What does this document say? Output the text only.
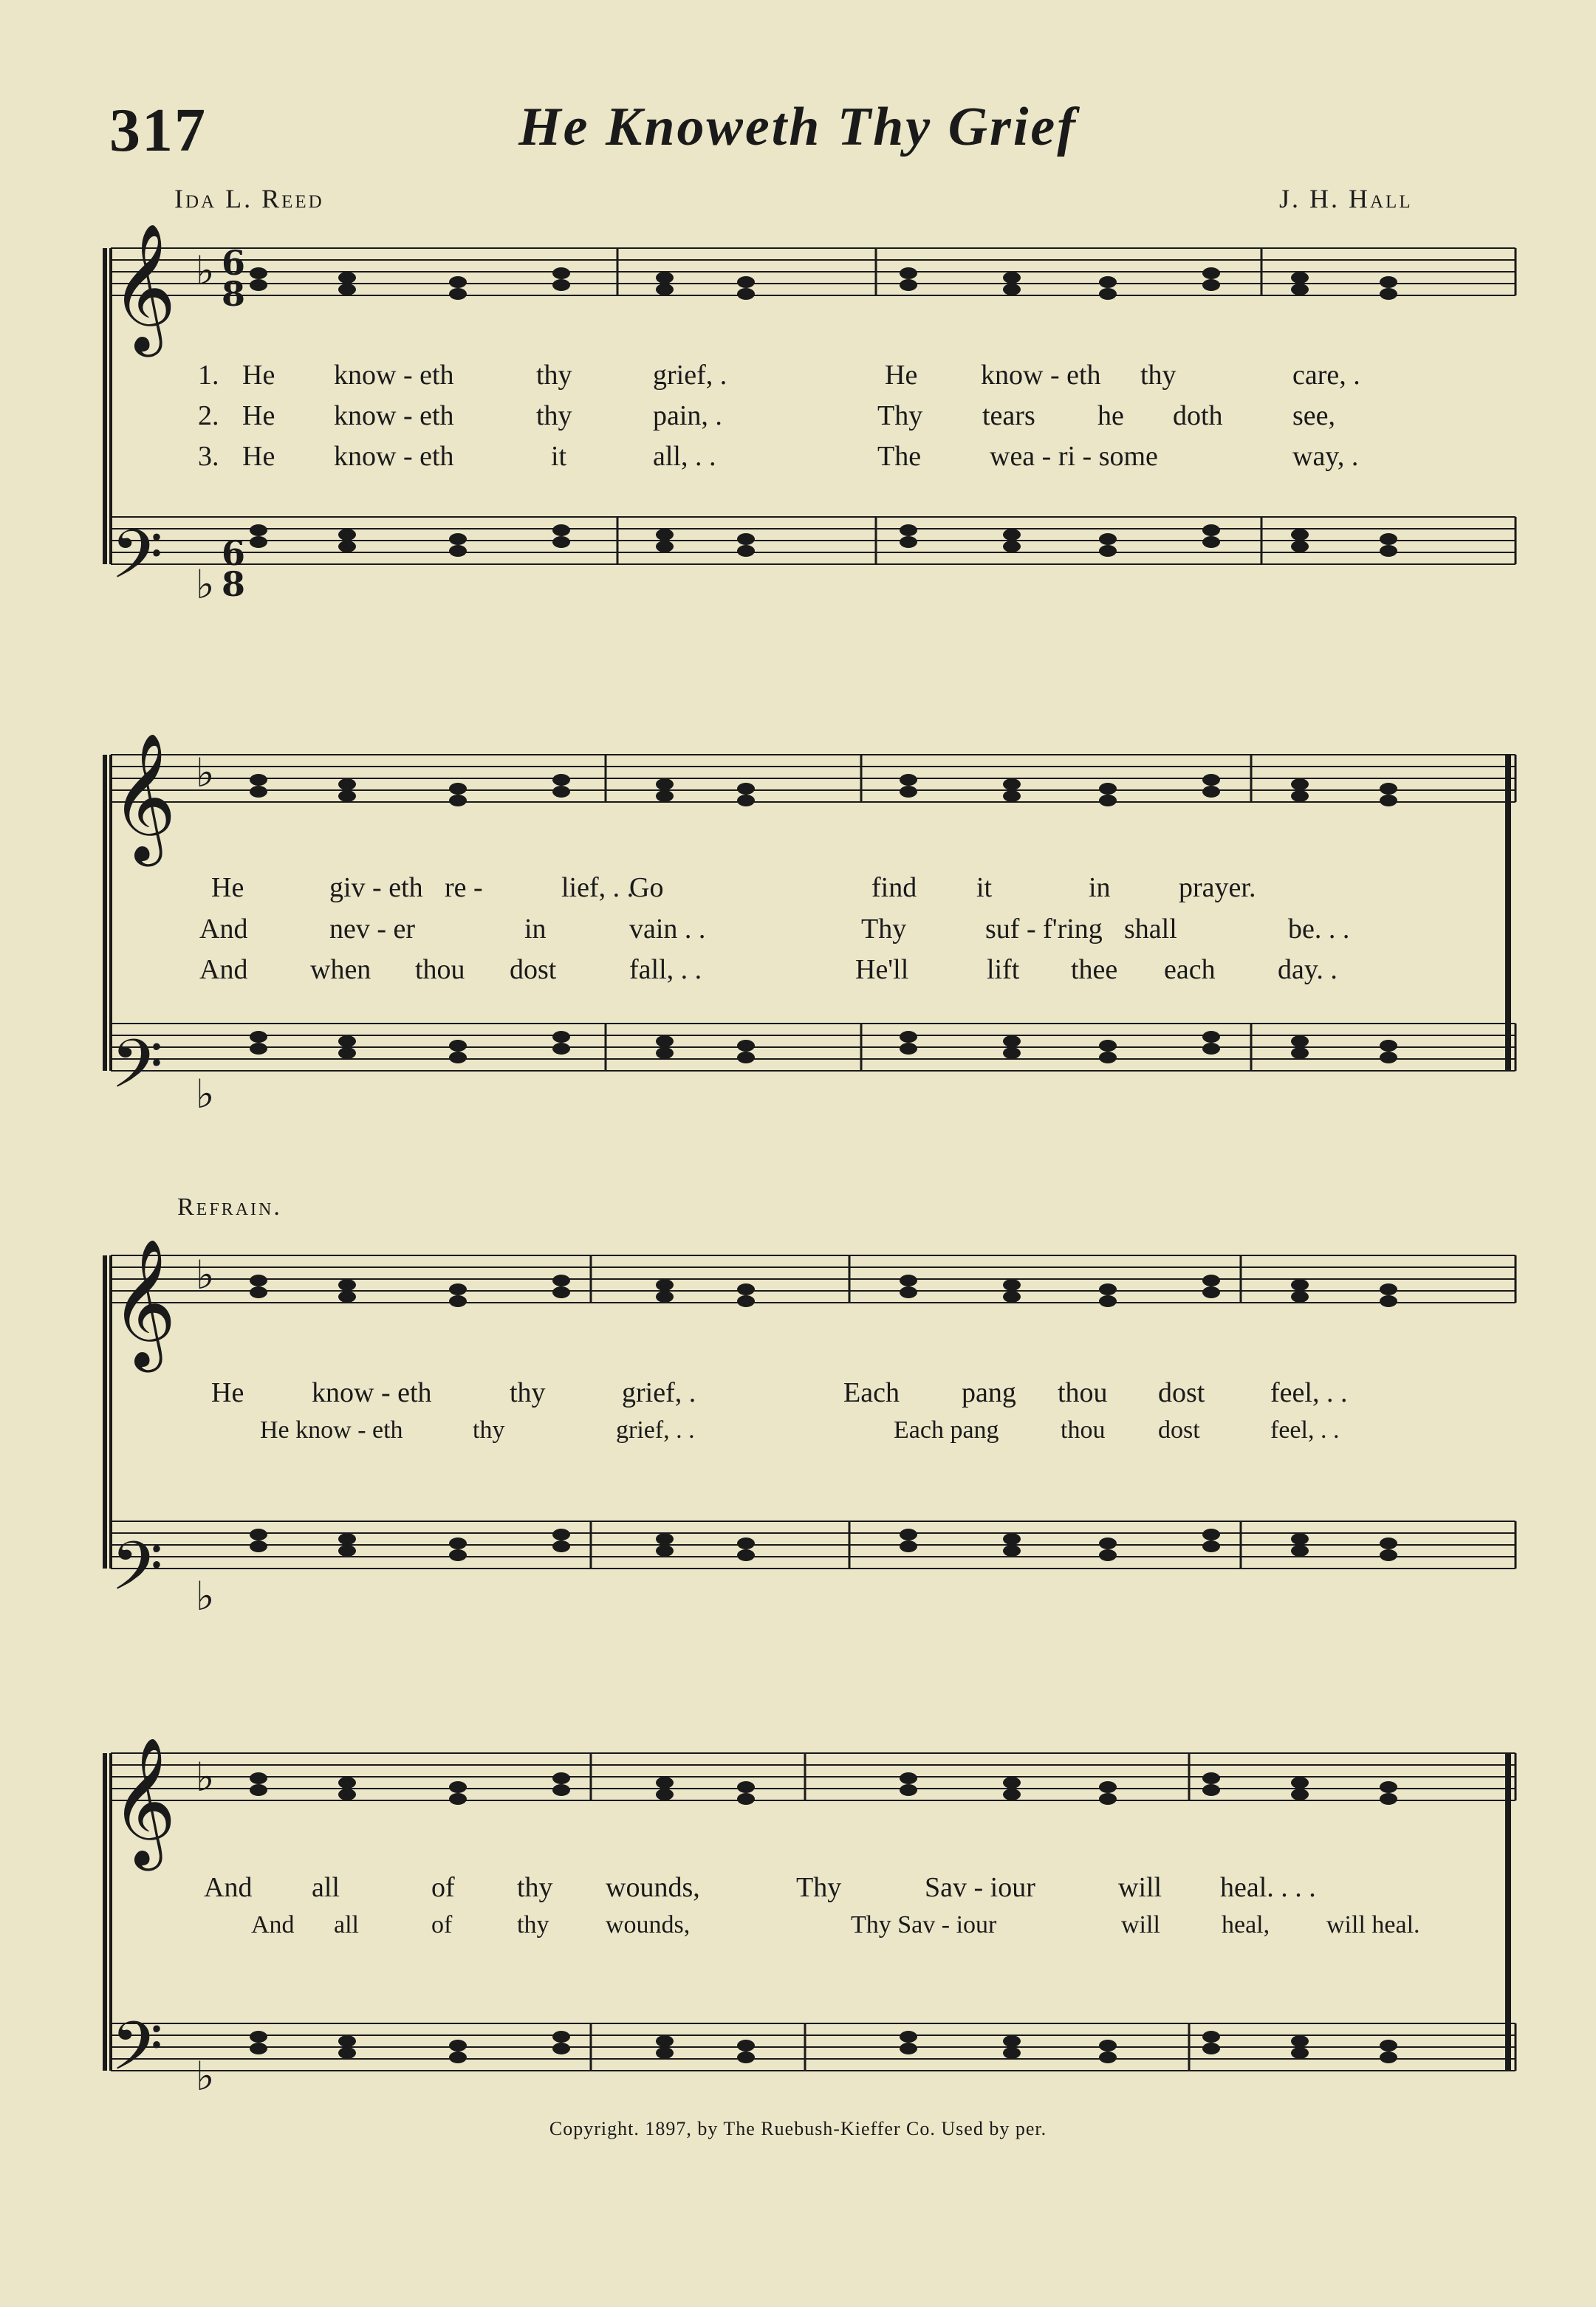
317	He Knoweth Thy Grief
Ida L. Reed	J. H. Hall
Refrain.
Copyright. 1897, by The Ruebush-Kieffer Co. Used by per.
𝄞
𝄞
𝄞
𝄞
𝄢
𝄢
𝄢
𝄢
♭
♭
♭
♭
♭
♭
♭
♭
6
8
6
8
1. He know - eth	thy	grief, .	He know - eth thy	care, .
2. He know - eth	thy	pain, .	Thy tears he doth see,
3. He know - eth	it	all, . .	The wea - ri - some	way, .
He	giv - eth re -	lief, . .
Go	find it	in prayer.
And	nev - er	in	vain . .	Thy	suf - f'ring shall	be. . .
And when thou dost	fall, . .	He'll	lift thee each day. .
He know - eth	thy	grief, .	Each pang thou dost feel, . .
He know - eth	thy	grief, . .	Each pang thou dost	feel, . .
And all	of thy wounds,	Thy	Sav - iour	will heal. . . .
And all	of	thy wounds,	Thy Sav - iour	will heal, will heal.
